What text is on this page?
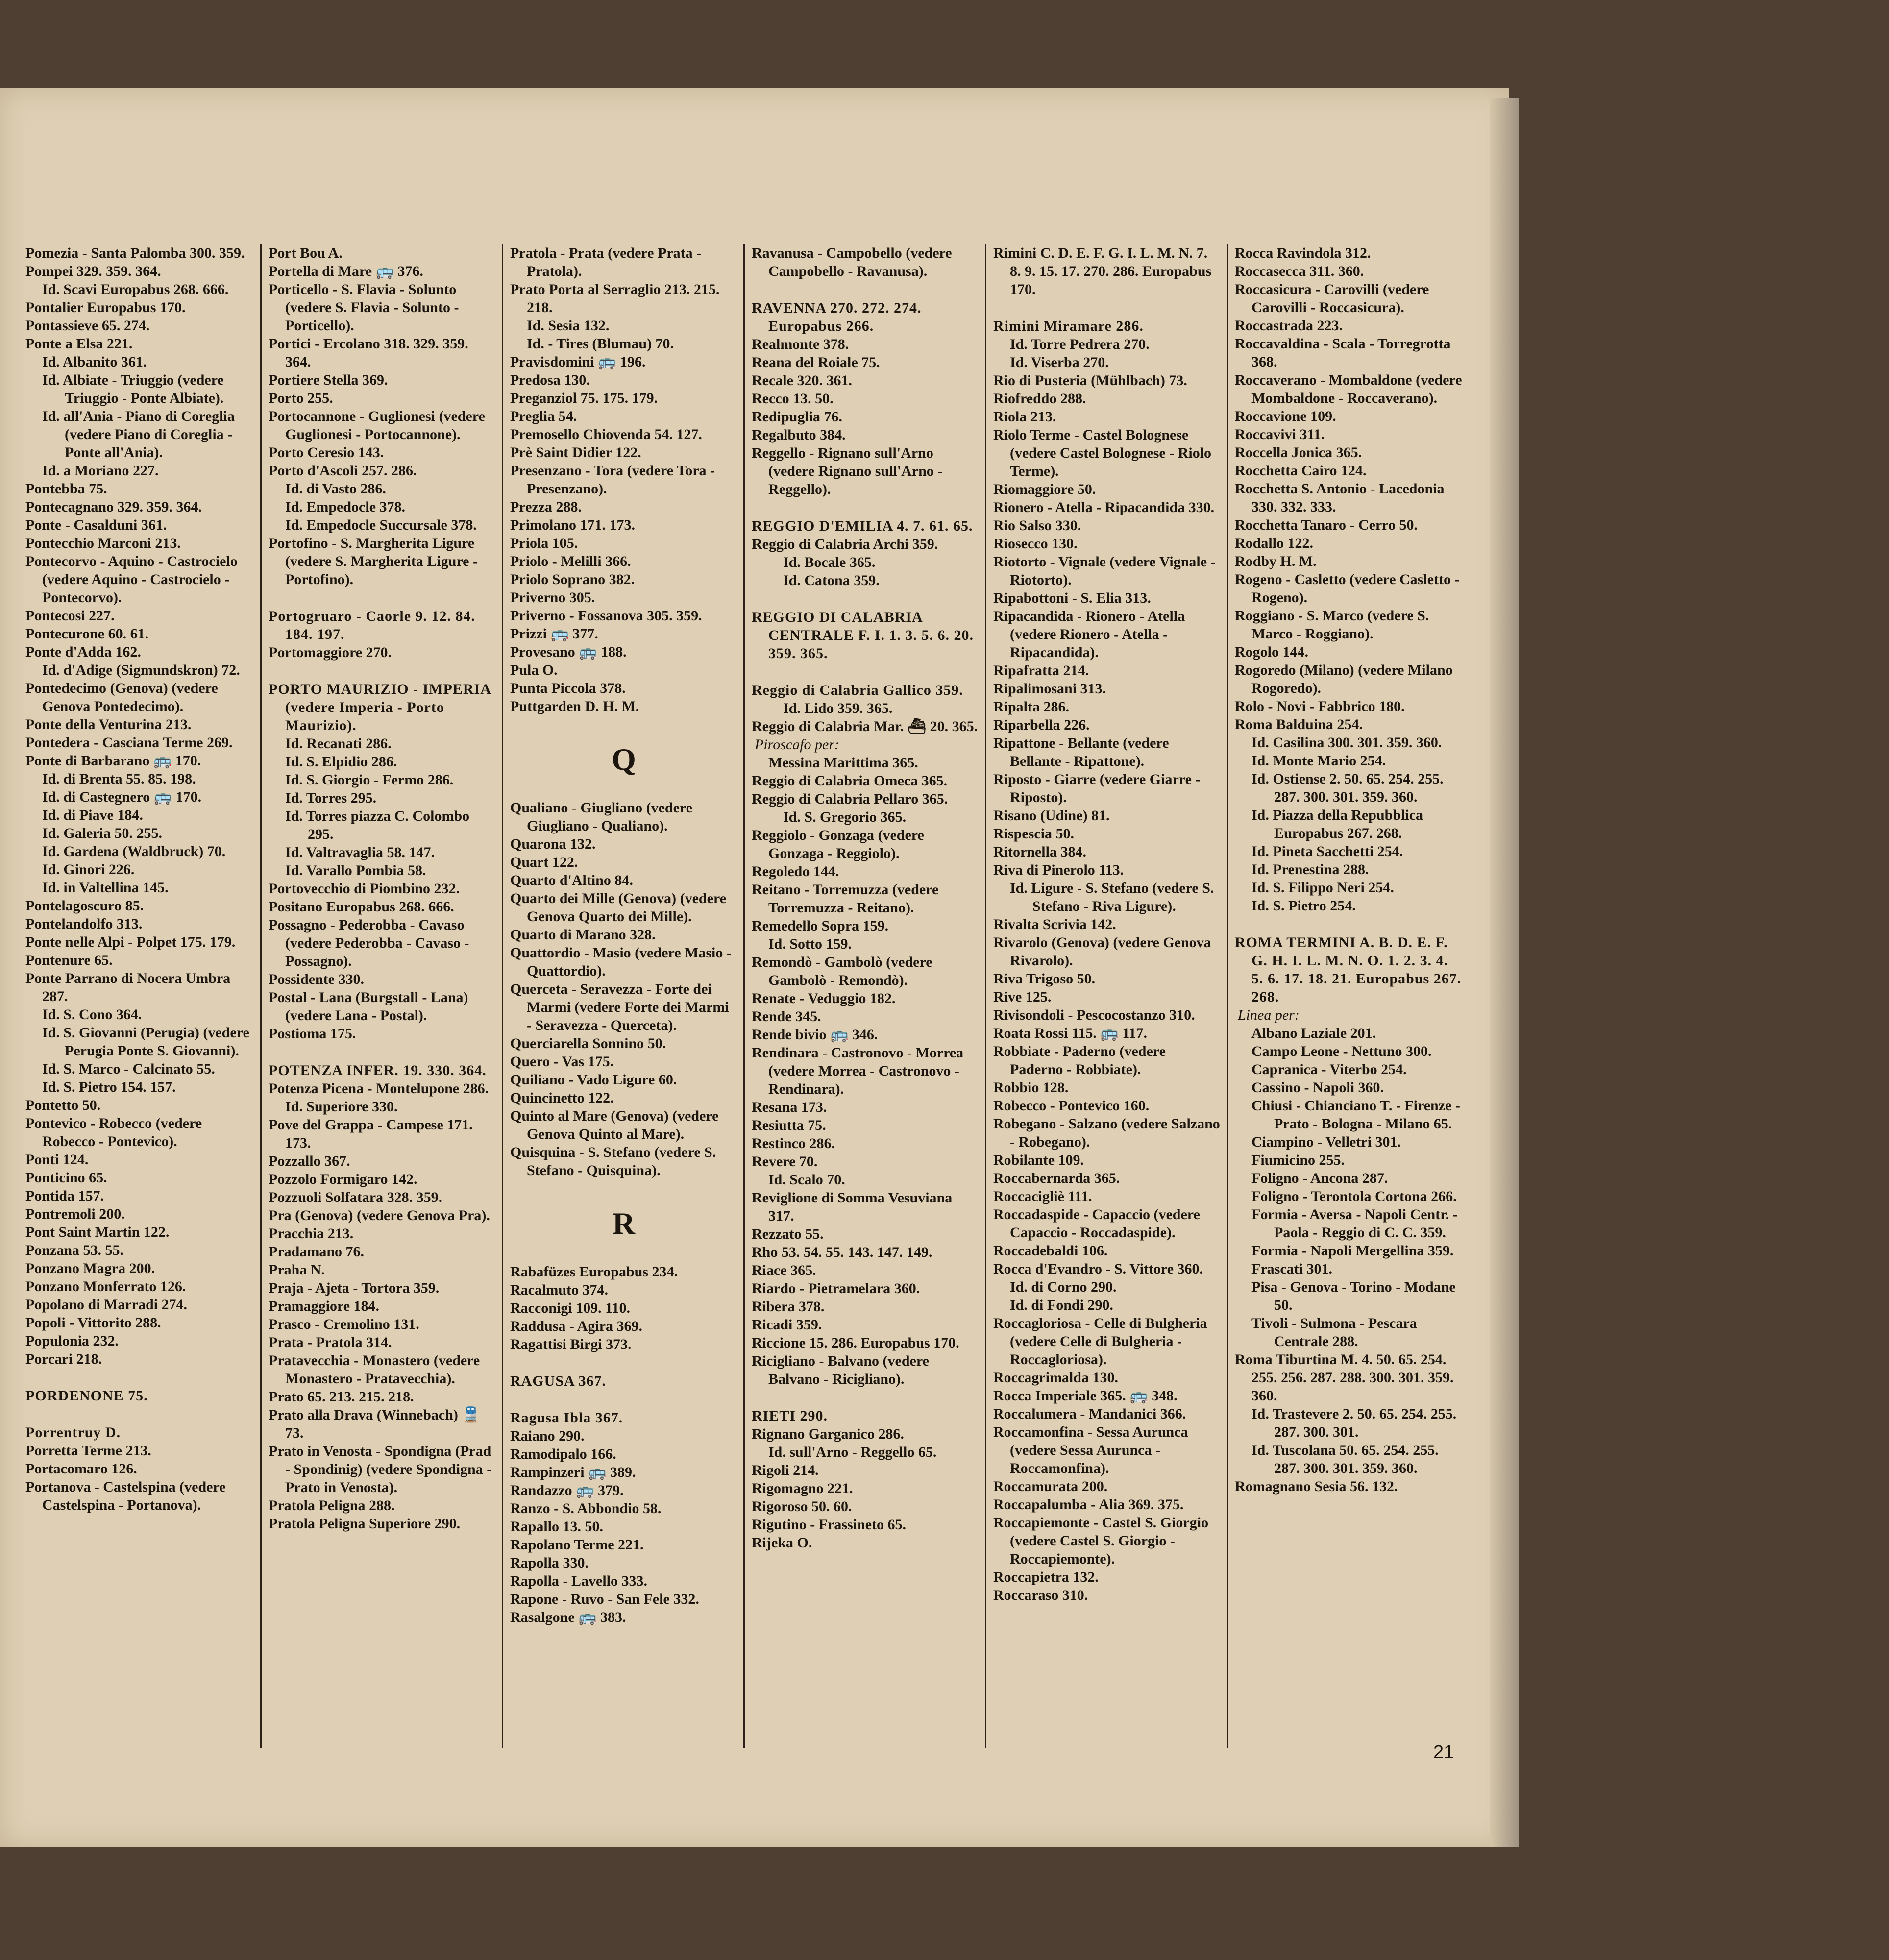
Pomezia - Santa Palomba 300. 359.

Pompei 329. 359. 364.

Id. Scavi Europabus 268. 666.

Pontalier Europabus 170.

Pontassieve 65. 274.

Ponte a Elsa 221.

Id. Albanito 361.

Id. Albiate - Triuggio (vedere Triuggio - Ponte Albiate).

Id. all'Ania - Piano di Coreglia (vedere Piano di Coreglia - Ponte all'Ania).

Id. a Moriano 227.

Pontebba 75.

Pontecagnano 329. 359. 364.

Ponte - Casalduni 361.

Pontecchio Marconi 213.

Pontecorvo - Aquino - Castrocielo (vedere Aquino - Castrocielo - Pontecorvo).

Pontecosi 227.

Pontecurone 60. 61.

Ponte d'Adda 162.

Id. d'Adige (Sigmundskron) 72.

Pontedecimo (Genova) (vedere Genova Pontedecimo).

Ponte della Venturina 213.

Pontedera - Casciana Terme 269.

Ponte di Barbarano 🚌 170.

Id. di Brenta 55. 85. 198.

Id. di Castegnero 🚌 170.

Id. di Piave 184.

Id. Galeria 50. 255.

Id. Gardena (Waldbruck) 70.

Id. Ginori 226.

Id. in Valtellina 145.

Pontelagoscuro 85.

Pontelandolfo 313.

Ponte nelle Alpi - Polpet 175. 179.

Pontenure 65.

Ponte Parrano di Nocera Umbra 287.

Id. S. Cono 364.

Id. S. Giovanni (Perugia) (vedere Perugia Ponte S. Giovanni).

Id. S. Marco - Calcinato 55.

Id. S. Pietro 154. 157.

Pontetto 50.

Pontevico - Robecco (vedere Robecco - Pontevico).

Ponti 124.

Ponticino 65.

Pontida 157.

Pontremoli 200.

Pont Saint Martin 122.

Ponzana 53. 55.

Ponzano Magra 200.

Ponzano Monferrato 126.

Popolano di Marradi 274.

Popoli - Vittorito 288.

Populonia 232.

Porcari 218.

PORDENONE 75.

Porrentruy D.

Porretta Terme 213.

Portacomaro 126.

Portanova - Castelspina (vedere Castelspina - Portanova).

Port Bou A.

Portella di Mare 🚌 376.

Porticello - S. Flavia - Solunto (vedere S. Flavia - Solunto - Porticello).

Portici - Ercolano 318. 329. 359. 364.

Portiere Stella 369.

Porto 255.

Portocannone - Guglionesi (vedere Guglionesi - Portocannone).

Porto Ceresio 143.

Porto d'Ascoli 257. 286.

Id. di Vasto 286.

Id. Empedocle 378.

Id. Empedocle Succursale 378.

Portofino - S. Margherita Ligure (vedere S. Margherita Ligure - Portofino).

Portogruaro - Caorle 9. 12. 84. 184. 197.

Portomaggiore 270.

PORTO MAURIZIO - IMPERIA (vedere Imperia - Porto Maurizio).

Id. Recanati 286.

Id. S. Elpidio 286.

Id. S. Giorgio - Fermo 286.

Id. Torres 295.

Id. Torres piazza C. Colombo 295.

Id. Valtravaglia 58. 147.

Id. Varallo Pombia 58.

Portovecchio di Piombino 232.

Positano Europabus 268. 666.

Possagno - Pederobba - Cavaso (vedere Pederobba - Cavaso - Possagno).

Possidente 330.

Postal - Lana (Burgstall - Lana) (vedere Lana - Postal).

Postioma 175.

POTENZA INFER. 19. 330. 364.

Potenza Picena - Montelupone 286.

Id. Superiore 330.

Pove del Grappa - Campese 171. 173.

Pozzallo 367.

Pozzolo Formigaro 142.

Pozzuoli Solfatara 328. 359.

Pra (Genova) (vedere Genova Pra).

Pracchia 213.

Pradamano 76.

Praha N.

Praja - Ajeta - Tortora 359.

Pramaggiore 184.

Prasco - Cremolino 131.

Prata - Pratola 314.

Pratavecchia - Monastero (vedere Monastero - Pratavecchia).

Prato 65. 213. 215. 218.

Prato alla Drava (Winnebach) 🚆 73.

Prato in Venosta - Spondigna (Prad - Spondinig) (vedere Spondigna - Prato in Venosta).

Pratola Peligna 288.

Pratola Peligna Superiore 290.

Pratola - Prata (vedere Prata - Pratola).

Prato Porta al Serraglio 213. 215. 218.

Id. Sesia 132.

Id. - Tires (Blumau) 70.

Pravisdomini 🚌 196.

Predosa 130.

Preganziol 75. 175. 179.

Preglia 54.

Premosello Chiovenda 54. 127.

Prè Saint Didier 122.

Presenzano - Tora (vedere Tora - Presenzano).

Prezza 288.

Primolano 171. 173.

Priola 105.

Priolo - Melilli 366.

Priolo Soprano 382.

Priverno 305.

Priverno - Fossanova 305. 359.

Prizzi 🚌 377.

Provesano 🚌 188.

Pula O.

Punta Piccola 378.

Puttgarden D. H. M.

Q

Qualiano - Giugliano (vedere Giugliano - Qualiano).

Quarona 132.

Quart 122.

Quarto d'Altino 84.

Quarto dei Mille (Genova) (vedere Genova Quarto dei Mille).

Quarto di Marano 328.

Quattordio - Masio (vedere Masio - Quattordio).

Querceta - Seravezza - Forte dei Marmi (vedere Forte dei Marmi - Seravezza - Querceta).

Querciarella Sonnino 50.

Quero - Vas 175.

Quiliano - Vado Ligure 60.

Quincinetto 122.

Quinto al Mare (Genova) (vedere Genova Quinto al Mare).

Quisquina - S. Stefano (vedere S. Stefano - Quisquina).

R

Rabafüzes Europabus 234.

Racalmuto 374.

Racconigi 109. 110.

Raddusa - Agira 369.

Ragattisi Birgi 373.

RAGUSA 367.

Ragusa Ibla 367.

Raiano 290.

Ramodipalo 166.

Rampinzeri 🚌 389.

Randazzo 🚌 379.

Ranzo - S. Abbondio 58.

Rapallo 13. 50.

Rapolano Terme 221.

Rapolla 330.

Rapolla - Lavello 333.

Rapone - Ruvo - San Fele 332.

Rasalgone 🚌 383.

Ravanusa - Campobello (vedere Campobello - Ravanusa).

RAVENNA 270. 272. 274. Europabus 266.

Realmonte 378.

Reana del Roiale 75.

Recale 320. 361.

Recco 13. 50.

Redipuglia 76.

Regalbuto 384.

Reggello - Rignano sull'Arno (vedere Rignano sull'Arno - Reggello).

REGGIO D'EMILIA 4. 7. 61. 65.

Reggio di Calabria Archi 359.

Id. Bocale 365.

Id. Catona 359.

REGGIO DI CALABRIA CENTRALE F. I. 1. 3. 5. 6. 20. 359. 365.

Reggio di Calabria Gallico 359.

Id. Lido 359. 365.

Reggio di Calabria Mar. ⛴ 20. 365.

Piroscafo per:

Messina Marittima 365.

Reggio di Calabria Omeca 365.

Reggio di Calabria Pellaro 365.

Id. S. Gregorio 365.

Reggiolo - Gonzaga (vedere Gonzaga - Reggiolo).

Regoledo 144.

Reitano - Torremuzza (vedere Torremuzza - Reitano).

Remedello Sopra 159.

Id. Sotto 159.

Remondò - Gambolò (vedere Gambolò - Remondò).

Renate - Veduggio 182.

Rende 345.

Rende bivio 🚌 346.

Rendinara - Castronovo - Morrea (vedere Morrea - Castronovo - Rendinara).

Resana 173.

Resiutta 75.

Restinco 286.

Revere 70.

Id. Scalo 70.

Reviglione di Somma Vesuviana 317.

Rezzato 55.

Rho 53. 54. 55. 143. 147. 149.

Riace 365.

Riardo - Pietramelara 360.

Ribera 378.

Ricadi 359.

Riccione 15. 286. Europabus 170.

Ricigliano - Balvano (vedere Balvano - Ricigliano).

RIETI 290.

Rignano Garganico 286.

Id. sull'Arno - Reggello 65.

Rigoli 214.

Rigomagno 221.

Rigoroso 50. 60.

Rigutino - Frassineto 65.

Rijeka O.

Rimini C. D. E. F. G. I. L. M. N. 7. 8. 9. 15. 17. 270. 286. Europabus 170.

Rimini Miramare 286.

Id. Torre Pedrera 270.

Id. Viserba 270.

Rio di Pusteria (Mühlbach) 73.

Riofreddo 288.

Riola 213.

Riolo Terme - Castel Bolognese (vedere Castel Bolognese - Riolo Terme).

Riomaggiore 50.

Rionero - Atella - Ripacandida 330.

Rio Salso 330.

Riosecco 130.

Riotorto - Vignale (vedere Vignale - Riotorto).

Ripabottoni - S. Elia 313.

Ripacandida - Rionero - Atella (vedere Rionero - Atella - Ripacandida).

Ripafratta 214.

Ripalimosani 313.

Ripalta 286.

Riparbella 226.

Ripattone - Bellante (vedere Bellante - Ripattone).

Riposto - Giarre (vedere Giarre - Riposto).

Risano (Udine) 81.

Rispescia 50.

Ritornella 384.

Riva di Pinerolo 113.

Id. Ligure - S. Stefano (vedere S. Stefano - Riva Ligure).

Rivalta Scrivia 142.

Rivarolo (Genova) (vedere Genova Rivarolo).

Riva Trigoso 50.

Rive 125.

Rivisondoli - Pescocostanzo 310.

Roata Rossi 115. 🚌 117.

Robbiate - Paderno (vedere Paderno - Robbiate).

Robbio 128.

Robecco - Pontevico 160.

Robegano - Salzano (vedere Salzano - Robegano).

Robilante 109.

Roccabernarda 365.

Roccacigliè 111.

Roccadaspide - Capaccio (vedere Capaccio - Roccadaspide).

Roccadebaldi 106.

Rocca d'Evandro - S. Vittore 360.

Id. di Corno 290.

Id. di Fondi 290.

Roccagloriosa - Celle di Bulgheria (vedere Celle di Bulgheria - Roccagloriosa).

Roccagrimalda 130.

Rocca Imperiale 365. 🚌 348.

Roccalumera - Mandanici 366.

Roccamonfina - Sessa Aurunca (vedere Sessa Aurunca - Roccamonfina).

Roccamurata 200.

Roccapalumba - Alia 369. 375.

Roccapiemonte - Castel S. Giorgio (vedere Castel S. Giorgio - Roccapiemonte).

Roccapietra 132.

Roccaraso 310.

Rocca Ravindola 312.

Roccasecca 311. 360.

Roccasicura - Carovilli (vedere Carovilli - Roccasicura).

Roccastrada 223.

Roccavaldina - Scala - Torregrotta 368.

Roccaverano - Mombaldone (vedere Mombaldone - Roccaverano).

Roccavione 109.

Roccavivi 311.

Roccella Jonica 365.

Rocchetta Cairo 124.

Rocchetta S. Antonio - Lacedonia 330. 332. 333.

Rocchetta Tanaro - Cerro 50.

Rodallo 122.

Rodby H. M.

Rogeno - Casletto (vedere Casletto - Rogeno).

Roggiano - S. Marco (vedere S. Marco - Roggiano).

Rogolo 144.

Rogoredo (Milano) (vedere Milano Rogoredo).

Rolo - Novi - Fabbrico 180.

Roma Balduina 254.

Id. Casilina 300. 301. 359. 360.

Id. Monte Mario 254.

Id. Ostiense 2. 50. 65. 254. 255. 287. 300. 301. 359. 360.

Id. Piazza della Repubblica Europabus 267. 268.

Id. Pineta Sacchetti 254.

Id. Prenestina 288.

Id. S. Filippo Neri 254.

Id. S. Pietro 254.

ROMA TERMINI A. B. D. E. F. G. H. I. L. M. N. O. 1. 2. 3. 4. 5. 6. 17. 18. 21. Europabus 267. 268.

Linea per:

Albano Laziale 201.

Campo Leone - Nettuno 300.

Capranica - Viterbo 254.

Cassino - Napoli 360.

Chiusi - Chianciano T. - Firenze - Prato - Bologna - Milano 65.

Ciampino - Velletri 301.

Fiumicino 255.

Foligno - Ancona 287.

Foligno - Terontola Cortona 266.

Formia - Aversa - Napoli Centr. - Paola - Reggio di C. C. 359.

Formia - Napoli Mergellina 359.

Frascati 301.

Pisa - Genova - Torino - Modane 50.

Tivoli - Sulmona - Pescara Centrale 288.

Roma Tiburtina M. 4. 50. 65. 254. 255. 256. 287. 288. 300. 301. 359. 360.

Id. Trastevere 2. 50. 65. 254. 255. 287. 300. 301.

Id. Tuscolana 50. 65. 254. 255. 287. 300. 301. 359. 360.

Romagnano Sesia 56. 132.

21
